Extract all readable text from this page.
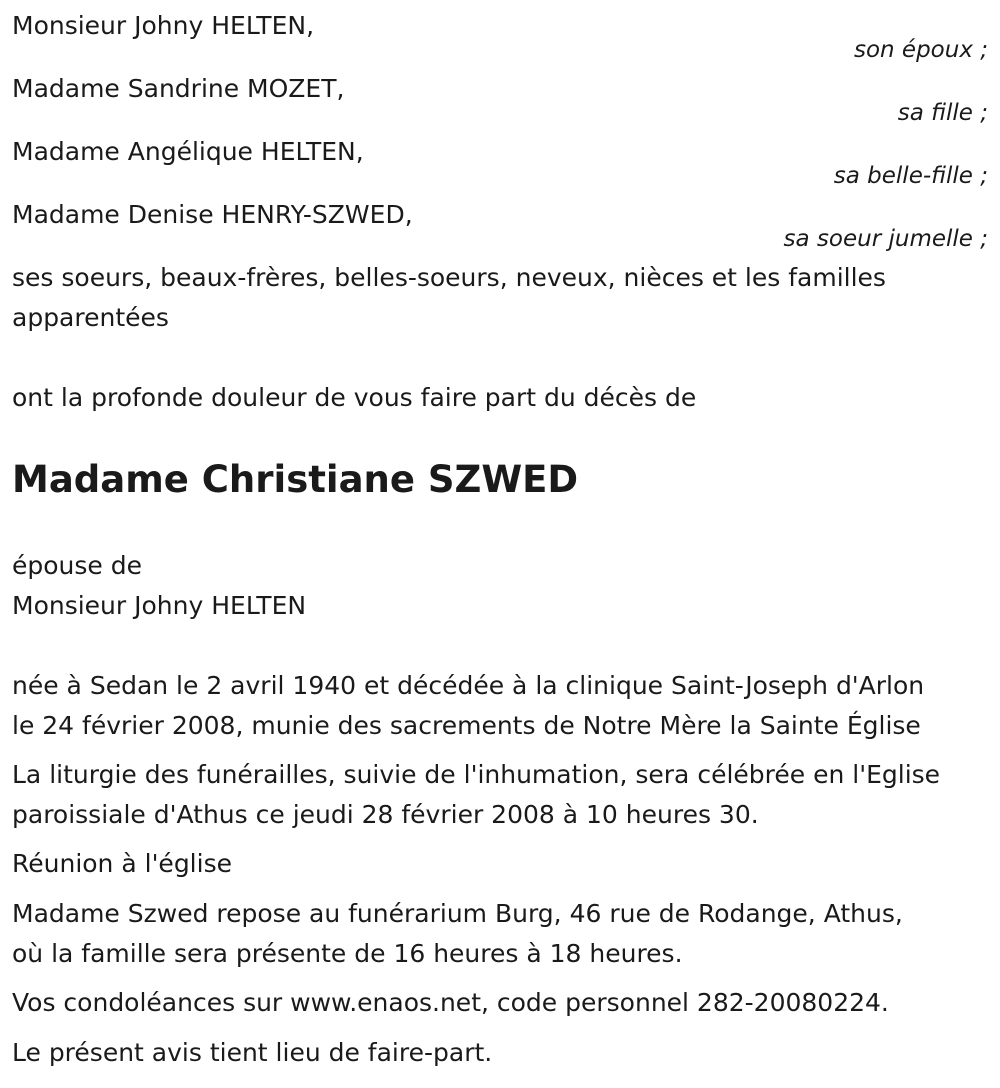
Monsieur Johny HELTEN,
son époux ;
Madame Sandrine MOZET,
sa fille ;
Madame Angélique HELTEN,
sa belle-fille ;
Madame Denise HENRY-SZWED,
sa soeur jumelle ;

ses soeurs, beaux-frères, belles-soeurs, neveux, nièces et les familles

apparentées

ont la profonde douleur de vous faire part du décès de

Madame Christiane SZWED

épouse de

Monsieur Johny HELTEN

née à Sedan le 2 avril 1940 et décédée à la clinique Saint-Joseph d'Arlon

le 24 février 2008, munie des sacrements de Notre Mère la Sainte Église

La liturgie des funérailles, suivie de l'inhumation, sera célébrée en l'Eglise

paroissiale d'Athus ce jeudi 28 février 2008 à 10 heures 30.

Réunion à l'église

Madame Szwed repose au funérarium Burg, 46 rue de Rodange, Athus,

où la famille sera présente de 16 heures à 18 heures.

Vos condoléances sur www.enaos.net, code personnel 282-20080224.

Le présent avis tient lieu de faire-part.
